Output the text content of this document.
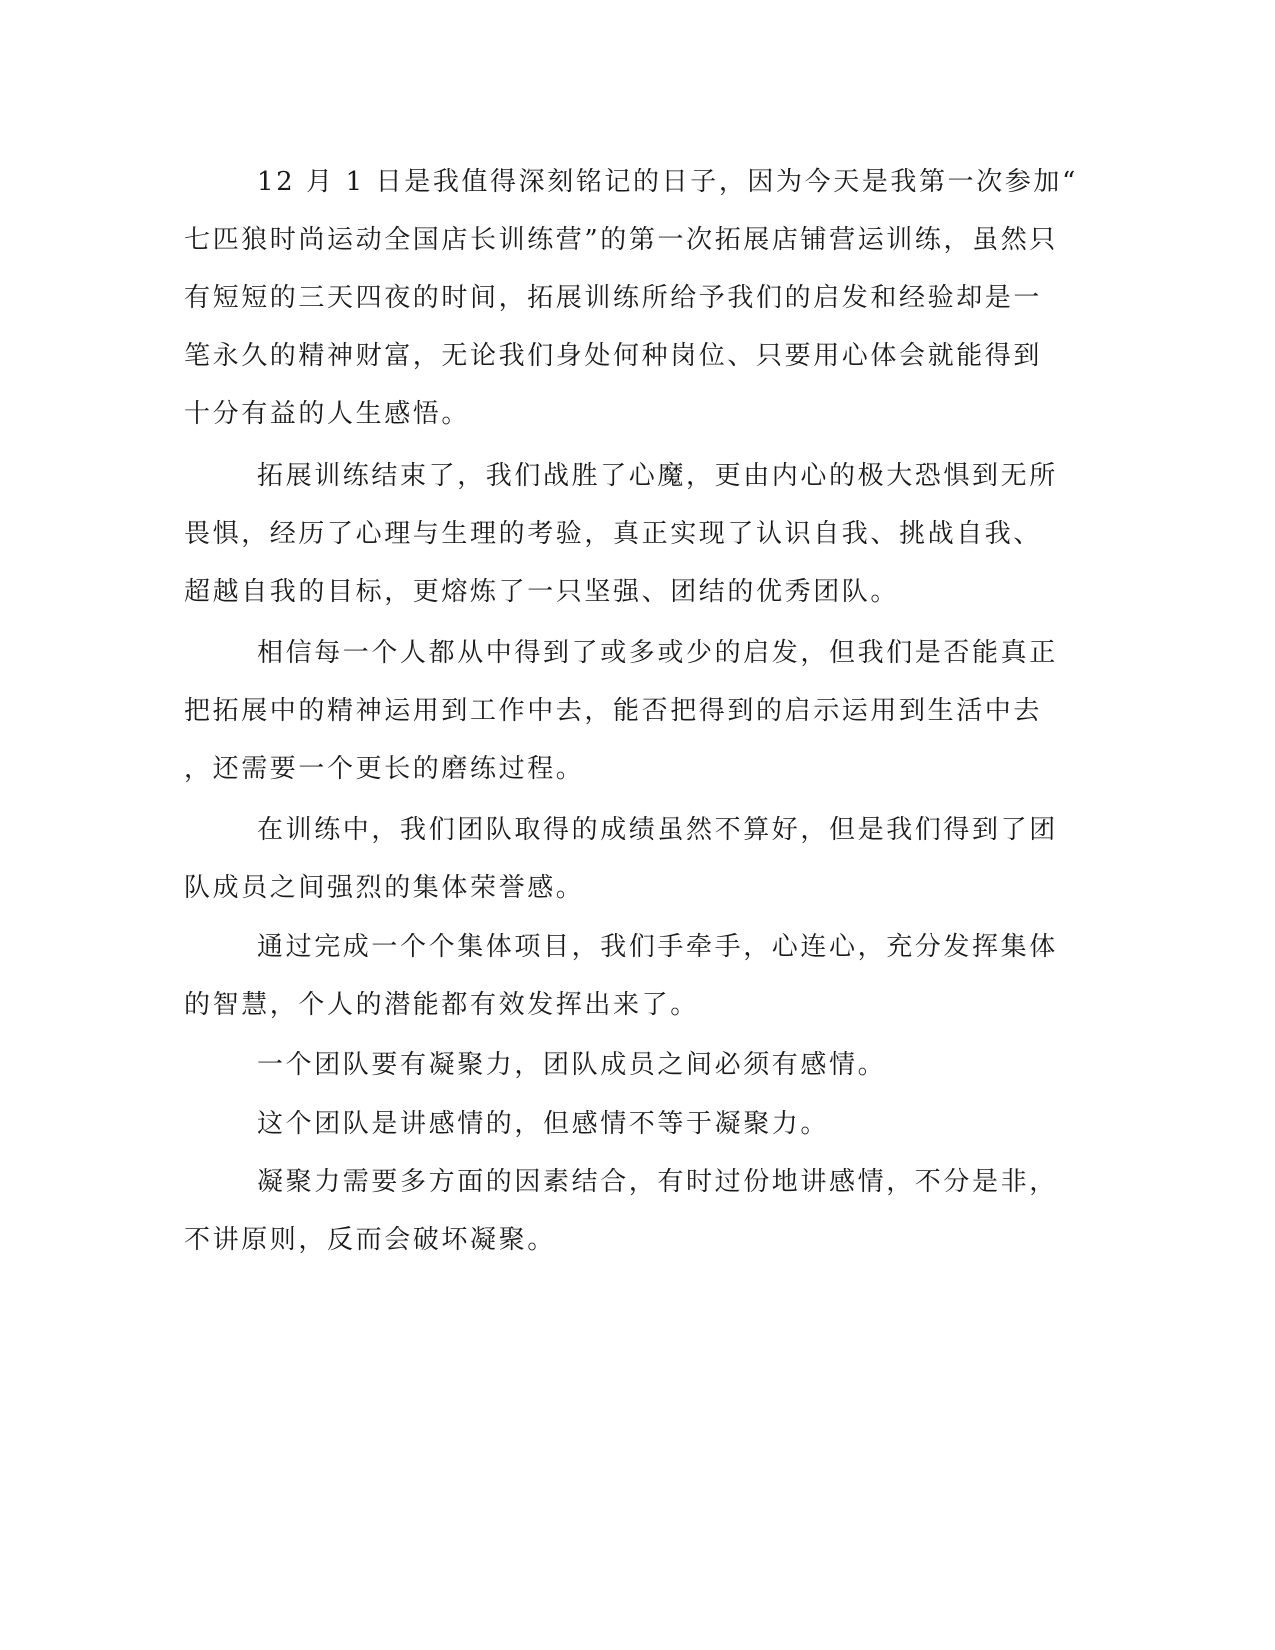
12 月 1 日是我值得深刻铭记的日子，因为今天是我第一次参加“
七匹狼时尚运动全国店长训练营”的第一次拓展店铺营运训练，虽然只
有短短的三天四夜的时间，拓展训练所给予我们的启发和经验却是一
笔永久的精神财富，无论我们身处何种岗位、只要用心体会就能得到
十分有益的人生感悟。
拓展训练结束了，我们战胜了心魔，更由内心的极大恐惧到无所
畏惧，经历了心理与生理的考验，真正实现了认识自我、挑战自我、
超越自我的目标，更熔炼了一只坚强、团结的优秀团队。
相信每一个人都从中得到了或多或少的启发，但我们是否能真正
把拓展中的精神运用到工作中去，能否把得到的启示运用到生活中去
，还需要一个更长的磨练过程。
在训练中，我们团队取得的成绩虽然不算好，但是我们得到了团
队成员之间强烈的集体荣誉感。
通过完成一个个集体项目，我们手牵手，心连心，充分发挥集体
的智慧，个人的潜能都有效发挥出来了。
一个团队要有凝聚力，团队成员之间必须有感情。
这个团队是讲感情的，但感情不等于凝聚力。
凝聚力需要多方面的因素结合，有时过份地讲感情，不分是非，
不讲原则，反而会破坏凝聚。
